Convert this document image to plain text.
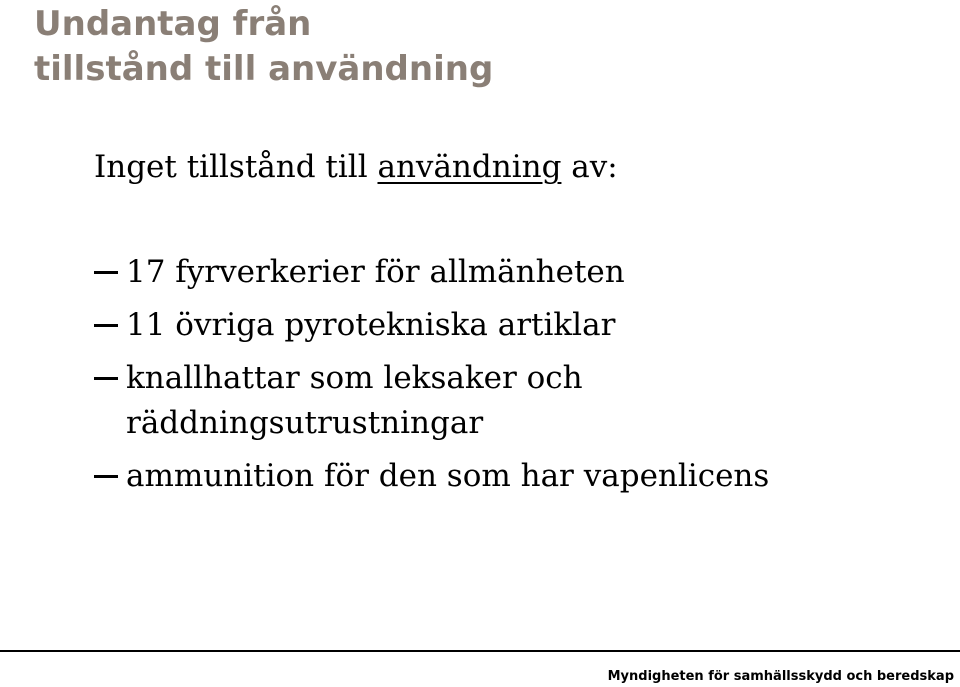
Undantag från
tillstånd till användning
Inget tillstånd till användning av:
17 fyrverkerier för allmänheten
11 övriga pyrotekniska artiklar
knallhattar som leksaker och räddningsutrustningar
ammunition för den som har vapenlicens
Myndigheten för samhällsskydd och beredskap
